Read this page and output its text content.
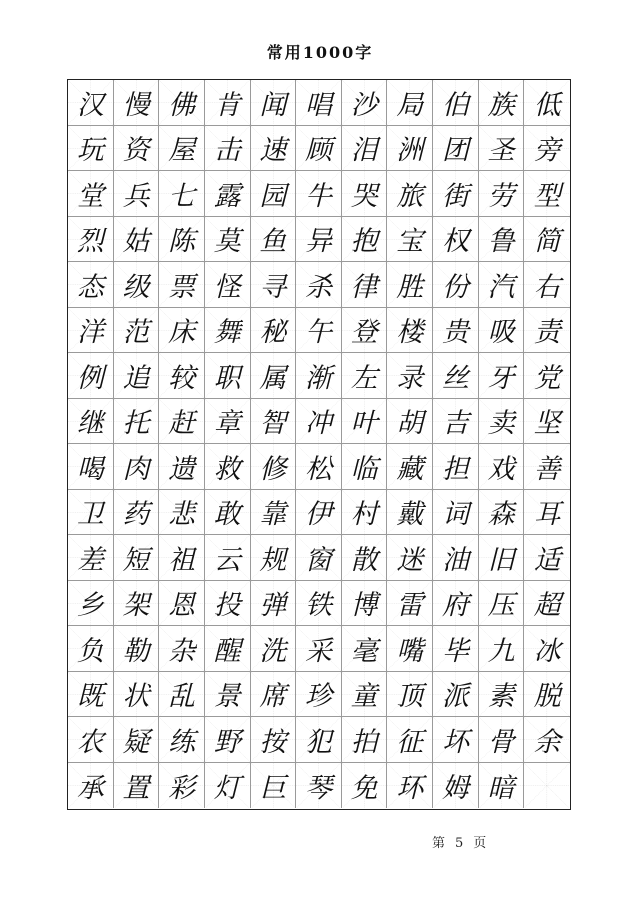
常用1000字
汉 慢 佛 肯 闻 唱 沙 局 伯 族 低
玩 资 屋 击 速 顾 泪 洲 团 圣 旁
堂 兵 七 露 园 牛 哭 旅 街 劳 型
烈 姑 陈 莫 鱼 异 抱 宝 权 鲁 简
态 级 票 怪 寻 杀 律 胜 份 汽 右
洋 范 床 舞 秘 午 登 楼 贵 吸 责
例 追 较 职 属 渐 左 录 丝 牙 党
继 托 赶 章 智 冲 叶 胡 吉 卖 坚
喝 肉 遗 救 修 松 临 藏 担 戏 善
卫 药 悲 敢 靠 伊 村 戴 词 森 耳
差 短 祖 云 规 窗 散 迷 油 旧 适
乡 架 恩 投 弹 铁 博 雷 府 压 超
负 勒 杂 醒 洗 采 毫 嘴 毕 九 冰
既 状 乱 景 席 珍 童 顶 派 素 脱
农 疑 练 野 按 犯 拍 征 坏 骨 余
承 置 彩 灯 巨 琴 免 环 姆 暗
第5页
